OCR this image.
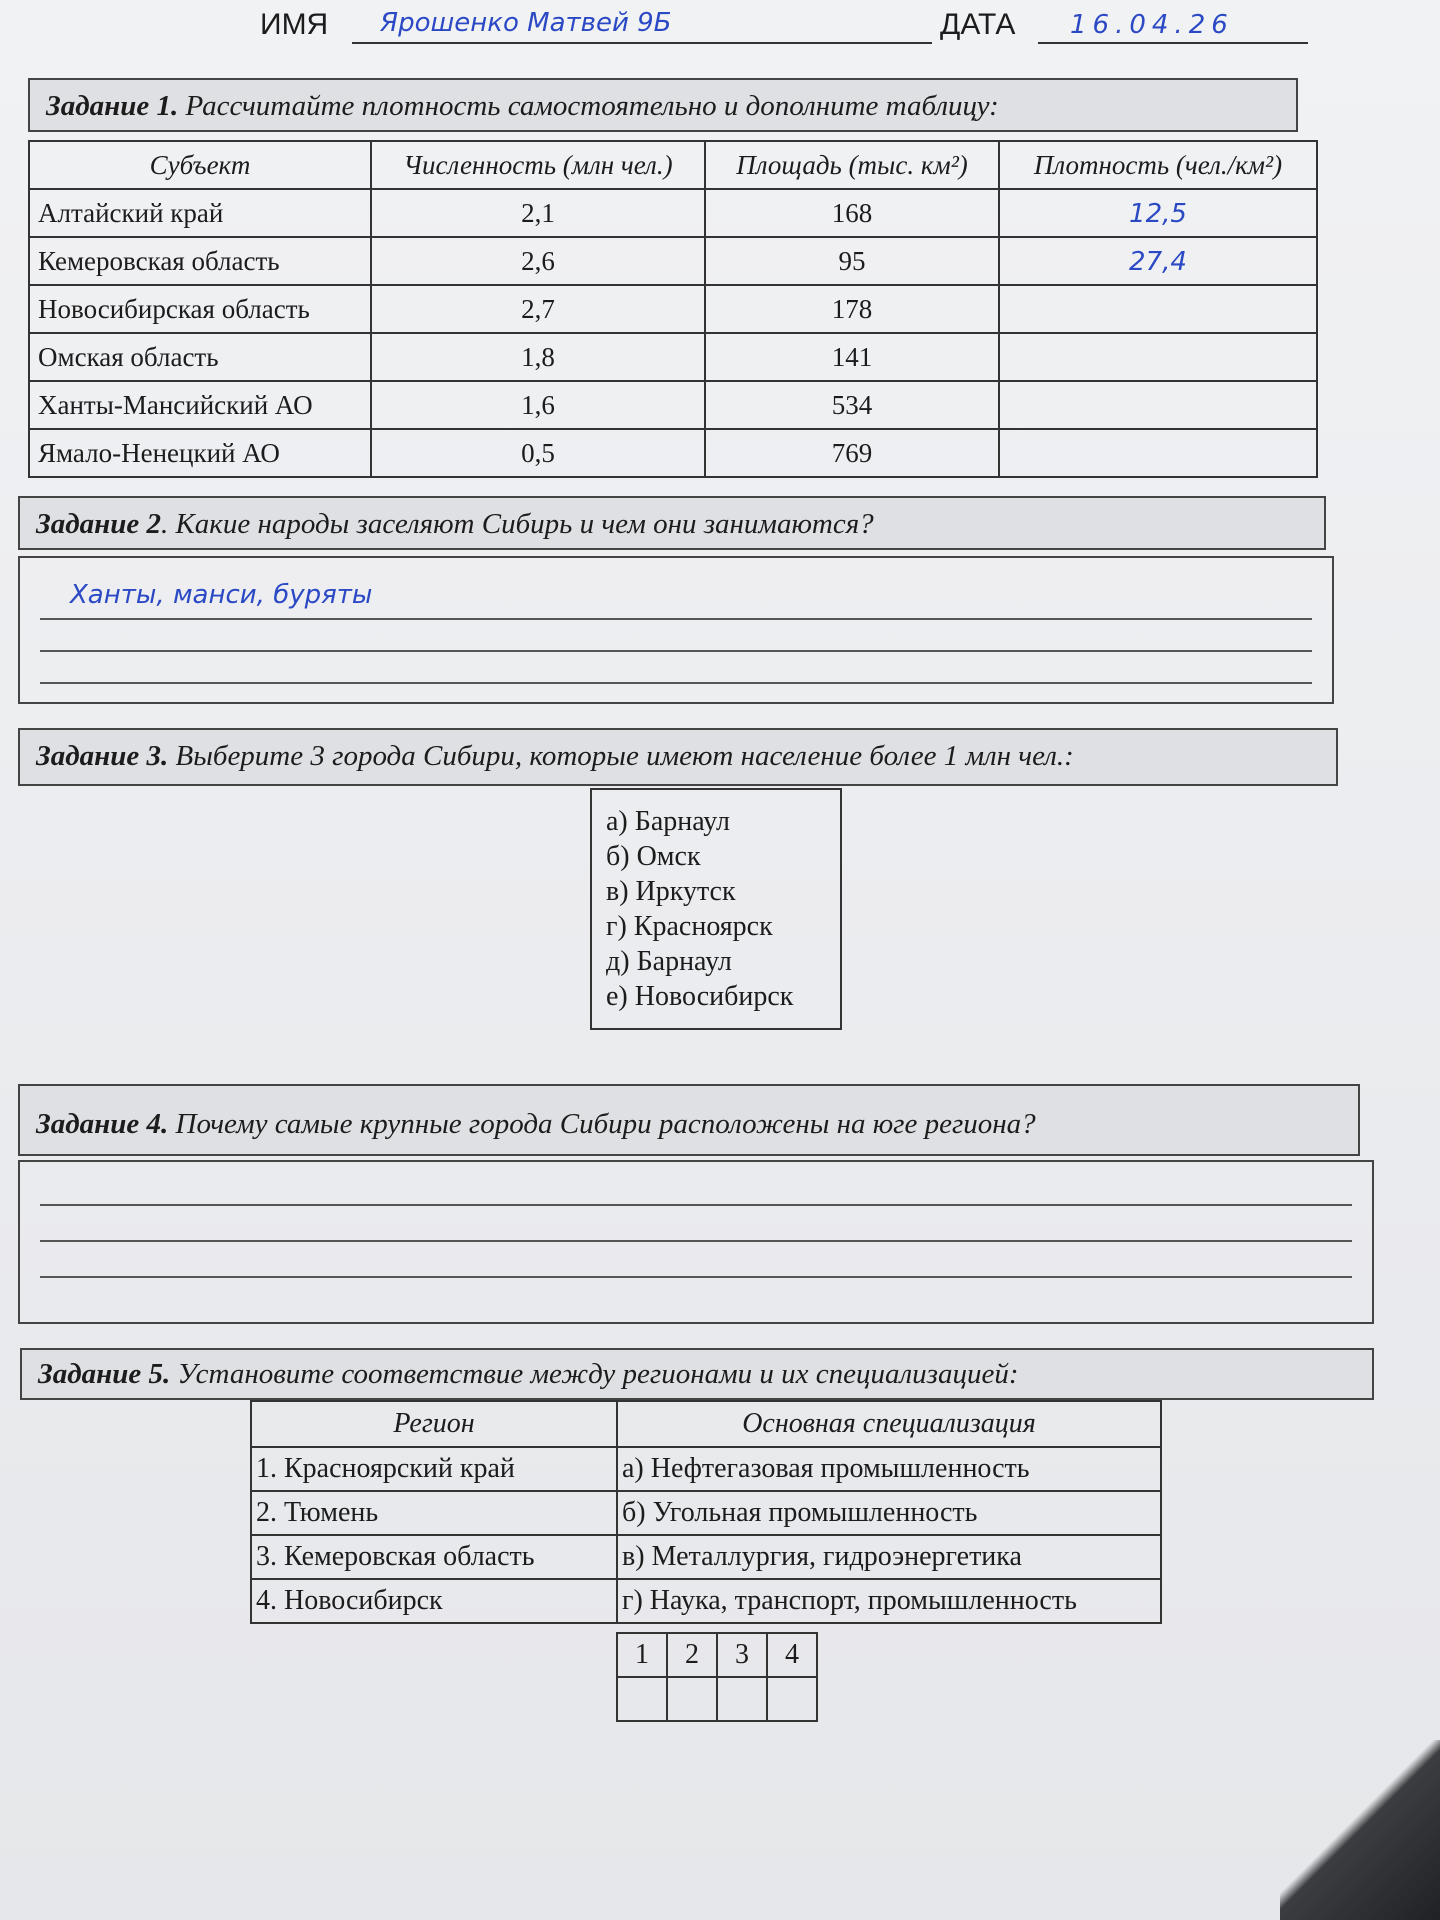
ИМЯ Ярошенко Матвей 9Б	ДАТА 16.04.26
Задание 1. Рассчитайте плотность самостоятельно и дополните таблицу:
Субъект	Численность (млн чел.)	Площадь (тыс. км²)	Плотность (чел./км²)
Алтайский край	2,1	168	12,5
Кемеровская область	2,6	95	27,4
Новосибирская область	2,7	178	
Омская область	1,8	141	
Ханты-Мансийский АО	1,6	534	
Ямало-Ненецкий АО	0,5	769	
Задание 2. Какие народы заселяют Сибирь и чем они занимаются?
Ханты, манси, буряты
Задание 3. Выберите 3 города Сибири, которые имеют население более 1 млн чел.:
а) Барнаул
б) Омск
в) Иркутск
г) Красноярск
д) Барнаул
е) Новосибирск
Задание 4. Почему самые крупные города Сибири расположены на юге региона?
Задание 5. Установите соответствие между регионами и их специализацией:
Регион	Основная специализация
1. Красноярский край	а) Нефтегазовая промышленность
2. Тюмень	б) Угольная промышленность
3. Кемеровская область	в) Металлургия, гидроэнергетика
4. Новосибирск	г) Наука, транспорт, промышленность
1	2	3	4
